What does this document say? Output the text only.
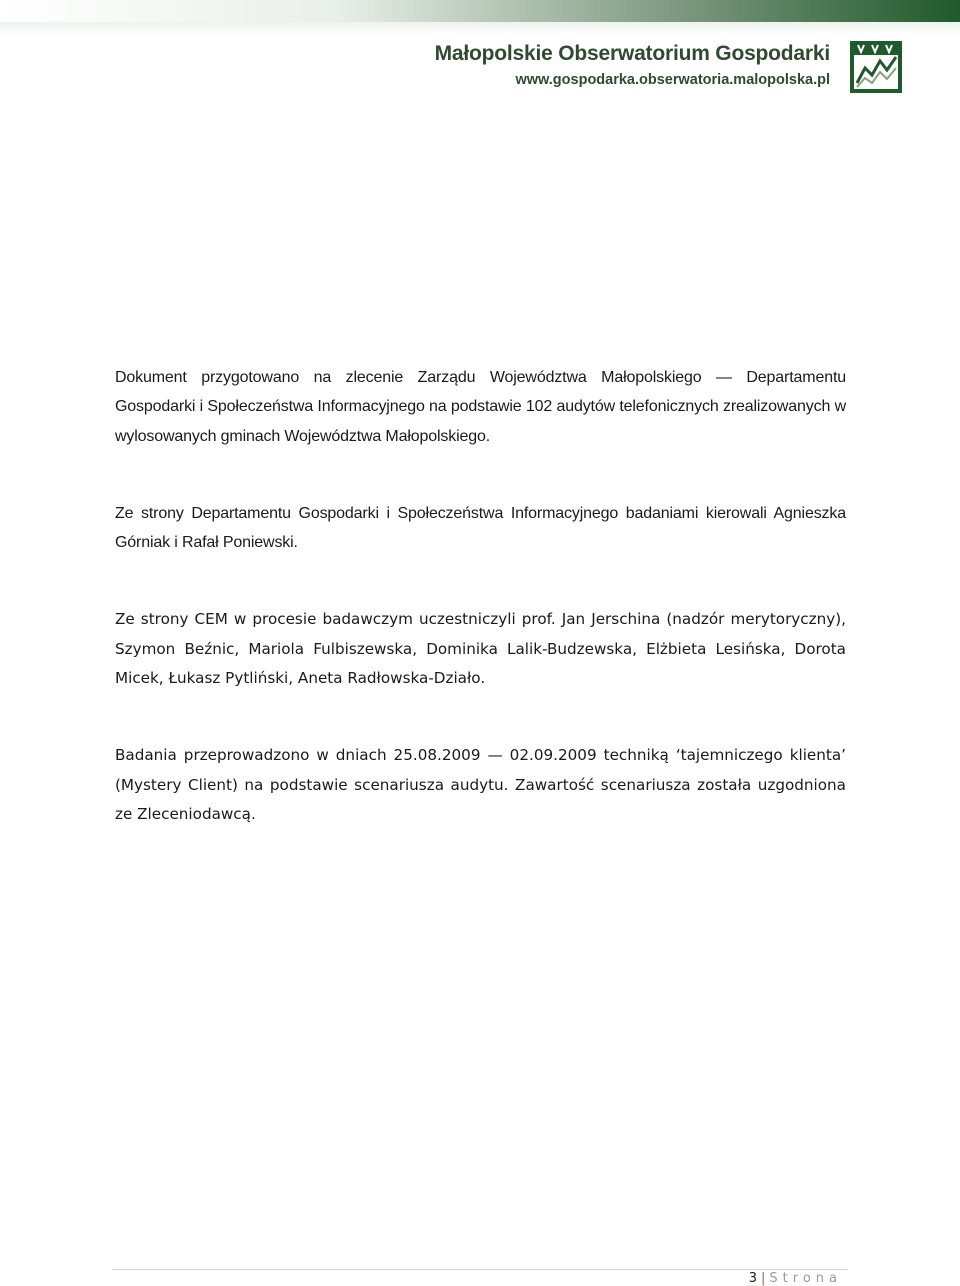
Małopolskie Obserwatorium Gospodarki
www.gospodarka.obserwatoria.malopolska.pl

Dokument przygotowano na zlecenie Zarządu Województwa Małopolskiego — Departamentu Gospodarki i Społeczeństwa Informacyjnego na podstawie 102 audytów telefonicznych zrealizowanych w wylosowanych gminach Województwa Małopolskiego.

Ze strony Departamentu Gospodarki i Społeczeństwa Informacyjnego badaniami kierowali Agnieszka Górniak i Rafał Poniewski.

Ze strony CEM w procesie badawczym uczestniczyli prof. Jan Jerschina (nadzór merytoryczny), Szymon Beźnic, Mariola Fulbiszewska, Dominika Lalik-Budzewska, Elżbieta Lesińska, Dorota Micek, Łukasz Pytliński, Aneta Radłowska-Działo.

Badania przeprowadzono w dniach 25.08.2009 — 02.09.2009 techniką ‘tajemniczego klienta’ (Mystery Client) na podstawie scenariusza audytu. Zawartość scenariusza została uzgodniona ze Zleceniodawcą.

3 | Strona
